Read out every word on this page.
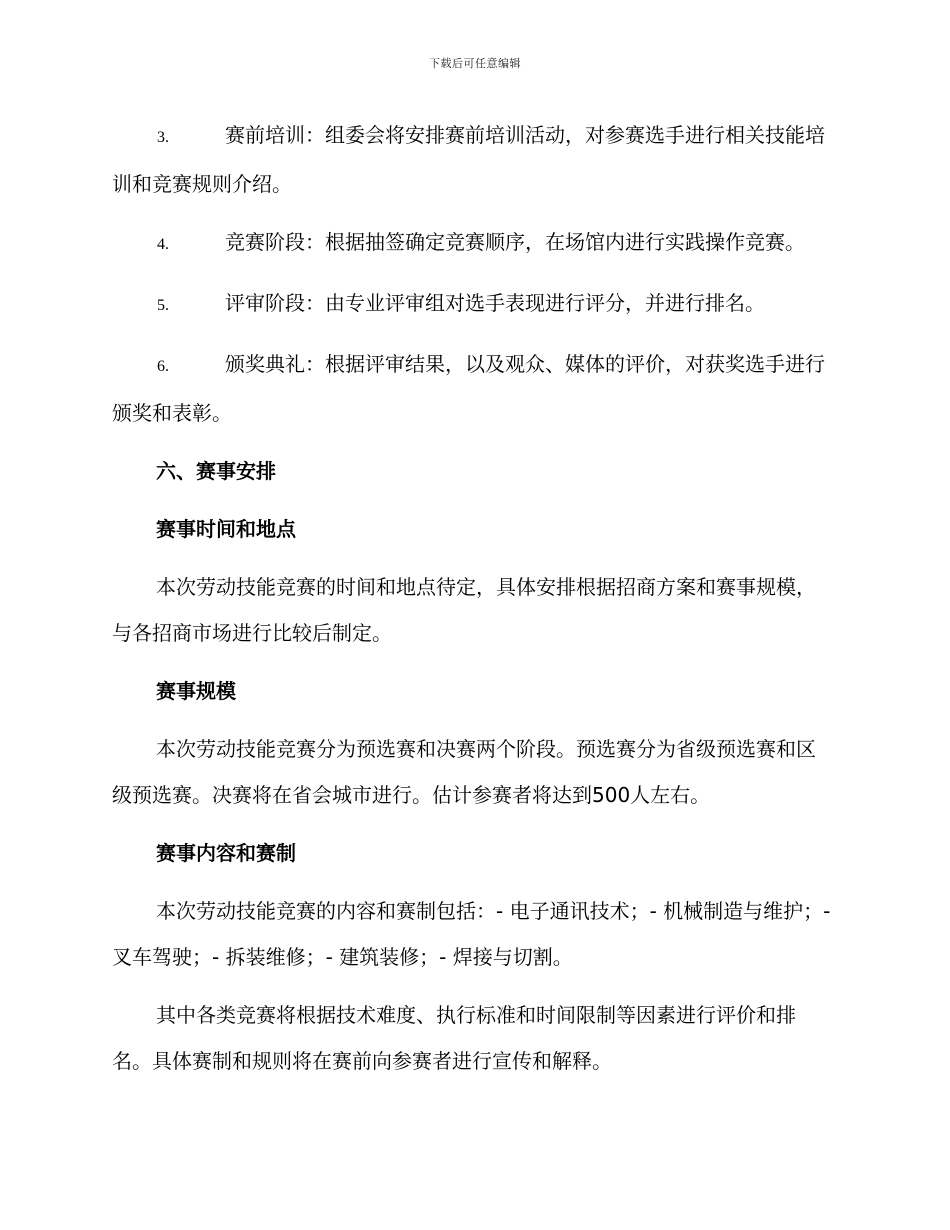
下载后可任意编辑
3.	赛前培训：组委会将安排赛前培训活动，对参赛选手进行相关技能培训和竞赛规则介绍。
4.	竞赛阶段：根据抽签确定竞赛顺序，在场馆内进行实践操作竞赛。
5.	评审阶段：由专业评审组对选手表现进行评分，并进行排名。
6.	颁奖典礼：根据评审结果，以及观众、媒体的评价，对获奖选手进行颁奖和表彰。
六、赛事安排
赛事时间和地点

本次劳动技能竞赛的时间和地点待定，具体安排根据招商方案和赛事规模，与各招商市场进行比较后制定。

赛事规模

本次劳动技能竞赛分为预选赛和决赛两个阶段。预选赛分为省级预选赛和区级预选赛。决赛将在省会城市进行。估计参赛者将达到500人左右。

赛事内容和赛制

本次劳动技能竞赛的内容和赛制包括：- 电子通讯技术；- 机械制造与维护；- 叉车驾驶；- 拆装维修；- 建筑装修；- 焊接与切割。

其中各类竞赛将根据技术难度、执行标准和时间限制等因素进行评价和排名。具体赛制和规则将在赛前向参赛者进行宣传和解释。
